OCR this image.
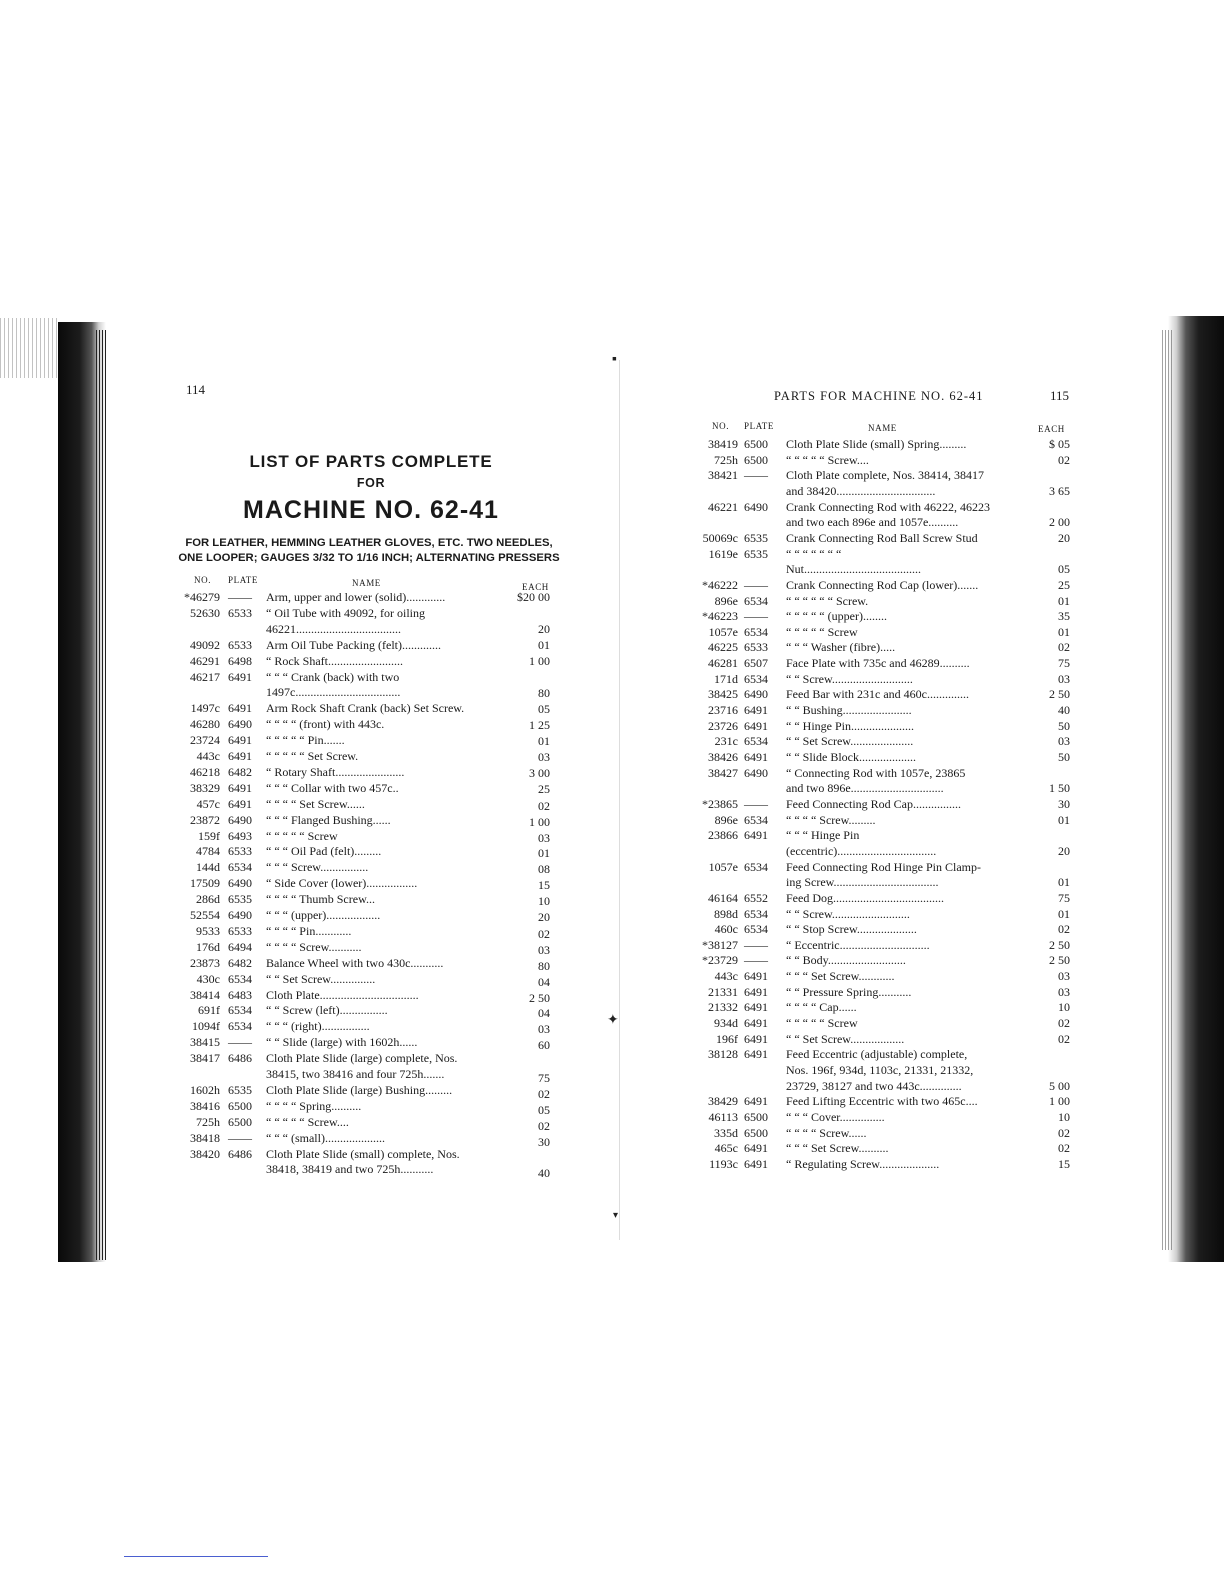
▪
✦
▾
114
LIST OF PARTS COMPLETE
FOR
MACHINE NO. 62-41
FOR LEATHER, HEMMING LEATHER GLOVES, ETC. TWO NEEDLES,
ONE LOOPER; GAUGES 3/32 TO 1/16 INCH; ALTERNATING PRESSERS
NO. PLATE	NAME	EACH
*46279 ——	Arm, upper and lower (solid).............	$20 00
52630 6533	“ Oil Tube with 49092, for oiling
46221...................................	20
49092 6533	Arm Oil Tube Packing (felt).............	01
46291 6498	“ Rock Shaft.........................	1 00
46217 6491	“ “ “ Crank (back) with two
1497c...................................	80
1497c 6491	Arm Rock Shaft Crank (back) Set Screw.	05
46280 6490	“ “ “ “ (front) with 443c.	1 25
23724 6491	“ “ “ “ “ Pin.......	01
443c 6491	“ “ “ “ “ Set Screw.	03
46218 6482	“ Rotary Shaft.......................	3 00
38329 6491	“ “ “ Collar with two 457c..	25
457c 6491	“ “ “ “ Set Screw......	02
23872 6490	“ “ “ Flanged Bushing......	1 00
159f 6493	“ “ “ “ “ Screw	03
4784 6533	“ “ “ Oil Pad (felt).........	01
144d 6534	“ “ “ Screw................	08
17509 6490	“ Side Cover (lower).................	15
286d 6535	“ “ “ “ Thumb Screw...	10
52554 6490	“ “ “ (upper)..................	20
9533 6533	“ “ “ “ Pin............	02
176d 6494	“ “ “ “ Screw...........	03
23873 6482	Balance Wheel with two 430c...........	80
430c 6534	“ “ Set Screw...............	04
38414 6483	Cloth Plate.................................	2 50
691f 6534	“ “ Screw (left)................	04
1094f 6534	“ “ “ (right)................	03
38415 ——	“ “ Slide (large) with 1602h......	60
38417 6486	Cloth Plate Slide (large) complete, Nos.
38415, two 38416 and four 725h.......	75
1602h 6535	Cloth Plate Slide (large) Bushing.........	02
38416 6500	“ “ “ “ Spring..........	05
725h 6500	“ “ “ “ “ Screw....	02
38418 ——	“ “ “ (small)....................	30
38420 6486	Cloth Plate Slide (small) complete, Nos.
38418, 38419 and two 725h...........	40
PARTS FOR MACHINE NO. 62-41	115
NO. PLATE	NAME	EACH
38419 6500	Cloth Plate Slide (small) Spring.........	$ 05
725h 6500	“ “ “ “ “ Screw....	02
38421 ——	Cloth Plate complete, Nos. 38414, 38417
and 38420.................................	3 65
46221 6490	Crank Connecting Rod with 46222, 46223
and two each 896e and 1057e..........	2 00
50069c 6535	Crank Connecting Rod Ball Screw Stud	20
1619e 6535	“ “ “ “ “ “ “
Nut.......................................	05
*46222 ——	Crank Connecting Rod Cap (lower).......	25
896e 6534	“ “ “ “ “ “ Screw.	01
*46223 ——	“ “ “ “ “ (upper)........	35
1057e 6534	“ “ “ “ “ Screw	01
46225 6533	“ “ “ Washer (fibre).....	02
46281 6507	Face Plate with 735c and 46289..........	75
171d 6534	“ “ Screw...........................	03
38425 6490	Feed Bar with 231c and 460c..............	2 50
23716 6491	“ “ Bushing.......................	40
23726 6491	“ “ Hinge Pin.....................	50
231c 6534	“ “ Set Screw.....................	03
38426 6491	“ “ Slide Block...................	50
38427 6490	“ Connecting Rod with 1057e, 23865
and two 896e...............................	1 50
*23865 ——	Feed Connecting Rod Cap................	30
896e 6534	“ “ “ “ Screw.........	01
23866 6491	“ “ “ Hinge Pin
(eccentric).................................	20
1057e 6534	Feed Connecting Rod Hinge Pin Clamp-
ing Screw...................................	01
46164 6552	Feed Dog.....................................	75
898d 6534	“ “ Screw..........................	01
460c 6534	“ “ Stop Screw....................	02
*38127 ——	“ Eccentric..............................	2 50
*23729 ——	“ “ Body..........................	2 50
443c 6491	“ “ “ Set Screw............	03
21331 6491	“ “ Pressure Spring...........	03
21332 6491	“ “ “ “ Cap......	10
934d 6491	“ “ “ “ “ Screw	02
196f 6491	“ “ Set Screw..................	02
38128 6491	Feed Eccentric (adjustable) complete,
Nos. 196f, 934d, 1103c, 21331, 21332,
23729, 38127 and two 443c..............	5 00
38429 6491	Feed Lifting Eccentric with two 465c....	1 00
46113 6500	“ “ “ Cover...............	10
335d 6500	“ “ “ “ Screw......	02
465c 6491	“ “ “ Set Screw..........	02
1193c 6491	“ Regulating Screw....................	15
